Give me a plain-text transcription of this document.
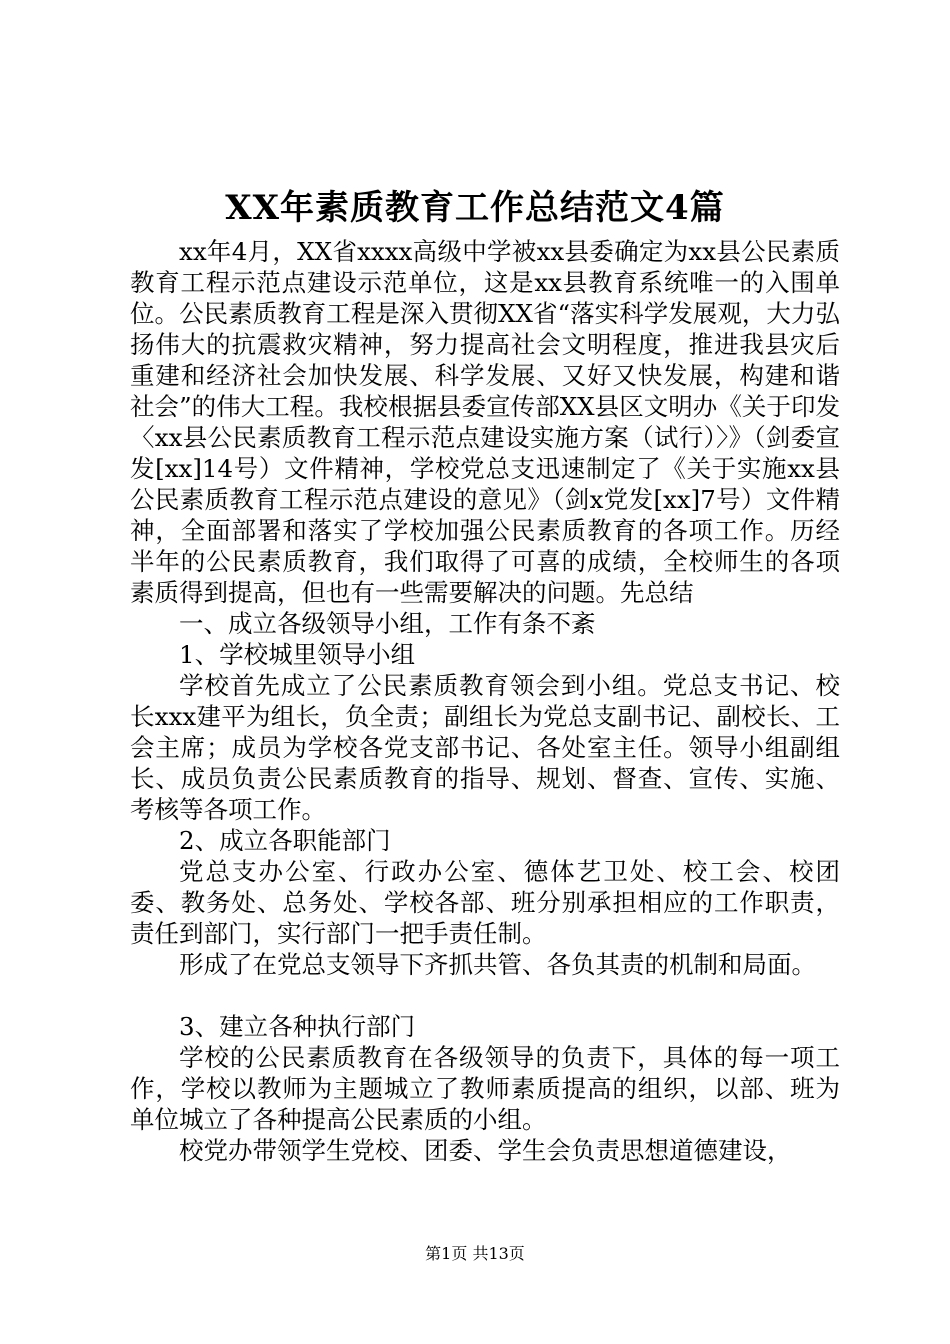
XX年素质教育工作总结范文4篇

xx年4月，XX省xxxx高级中学被xx县委确定为xx县公民素质教育工程示范点建设示范单位，这是xx县教育系统唯一的入围单位。公民素质教育工程是深入贯彻XX省“落实科学发展观，大力弘扬伟大的抗震救灾精神，努力提高社会文明程度，推进我县灾后重建和经济社会加快发展、科学发展、又好又快发展，构建和谐社会”的伟大工程。我校根据县委宣传部XX县区文明办《关于印发〈xx县公民素质教育工程示范点建设实施方案（试行）〉》（剑委宣发[xx]14号）文件精神，学校党总支迅速制定了《关于实施xx县公民素质教育工程示范点建设的意见》（剑x党发[xx]7号）文件精神，全面部署和落实了学校加强公民素质教育的各项工作。历经半年的公民素质教育，我们取得了可喜的成绩，全校师生的各项素质得到提高，但也有一些需要解决的问题。先总结

一、成立各级领导小组，工作有条不紊

1、学校城里领导小组

学校首先成立了公民素质教育领会到小组。党总支书记、校长xxx建平为组长，负全责；副组长为党总支副书记、副校长、工会主席；成员为学校各党支部书记、各处室主任。领导小组副组长、成员负责公民素质教育的指导、规划、督查、宣传、实施、考核等各项工作。

2、成立各职能部门

党总支办公室、行政办公室、德体艺卫处、校工会、校团委、教务处、总务处、学校各部、班分别承担相应的工作职责，责任到部门，实行部门一把手责任制。

形成了在党总支领导下齐抓共管、各负其责的机制和局面。

3、建立各种执行部门

学校的公民素质教育在各级领导的负责下，具体的每一项工作，学校以教师为主题城立了教师素质提高的组织，以部、班为单位城立了各种提高公民素质的小组。

校党办带领学生党校、团委、学生会负责思想道德建设，

第1页 共13页
